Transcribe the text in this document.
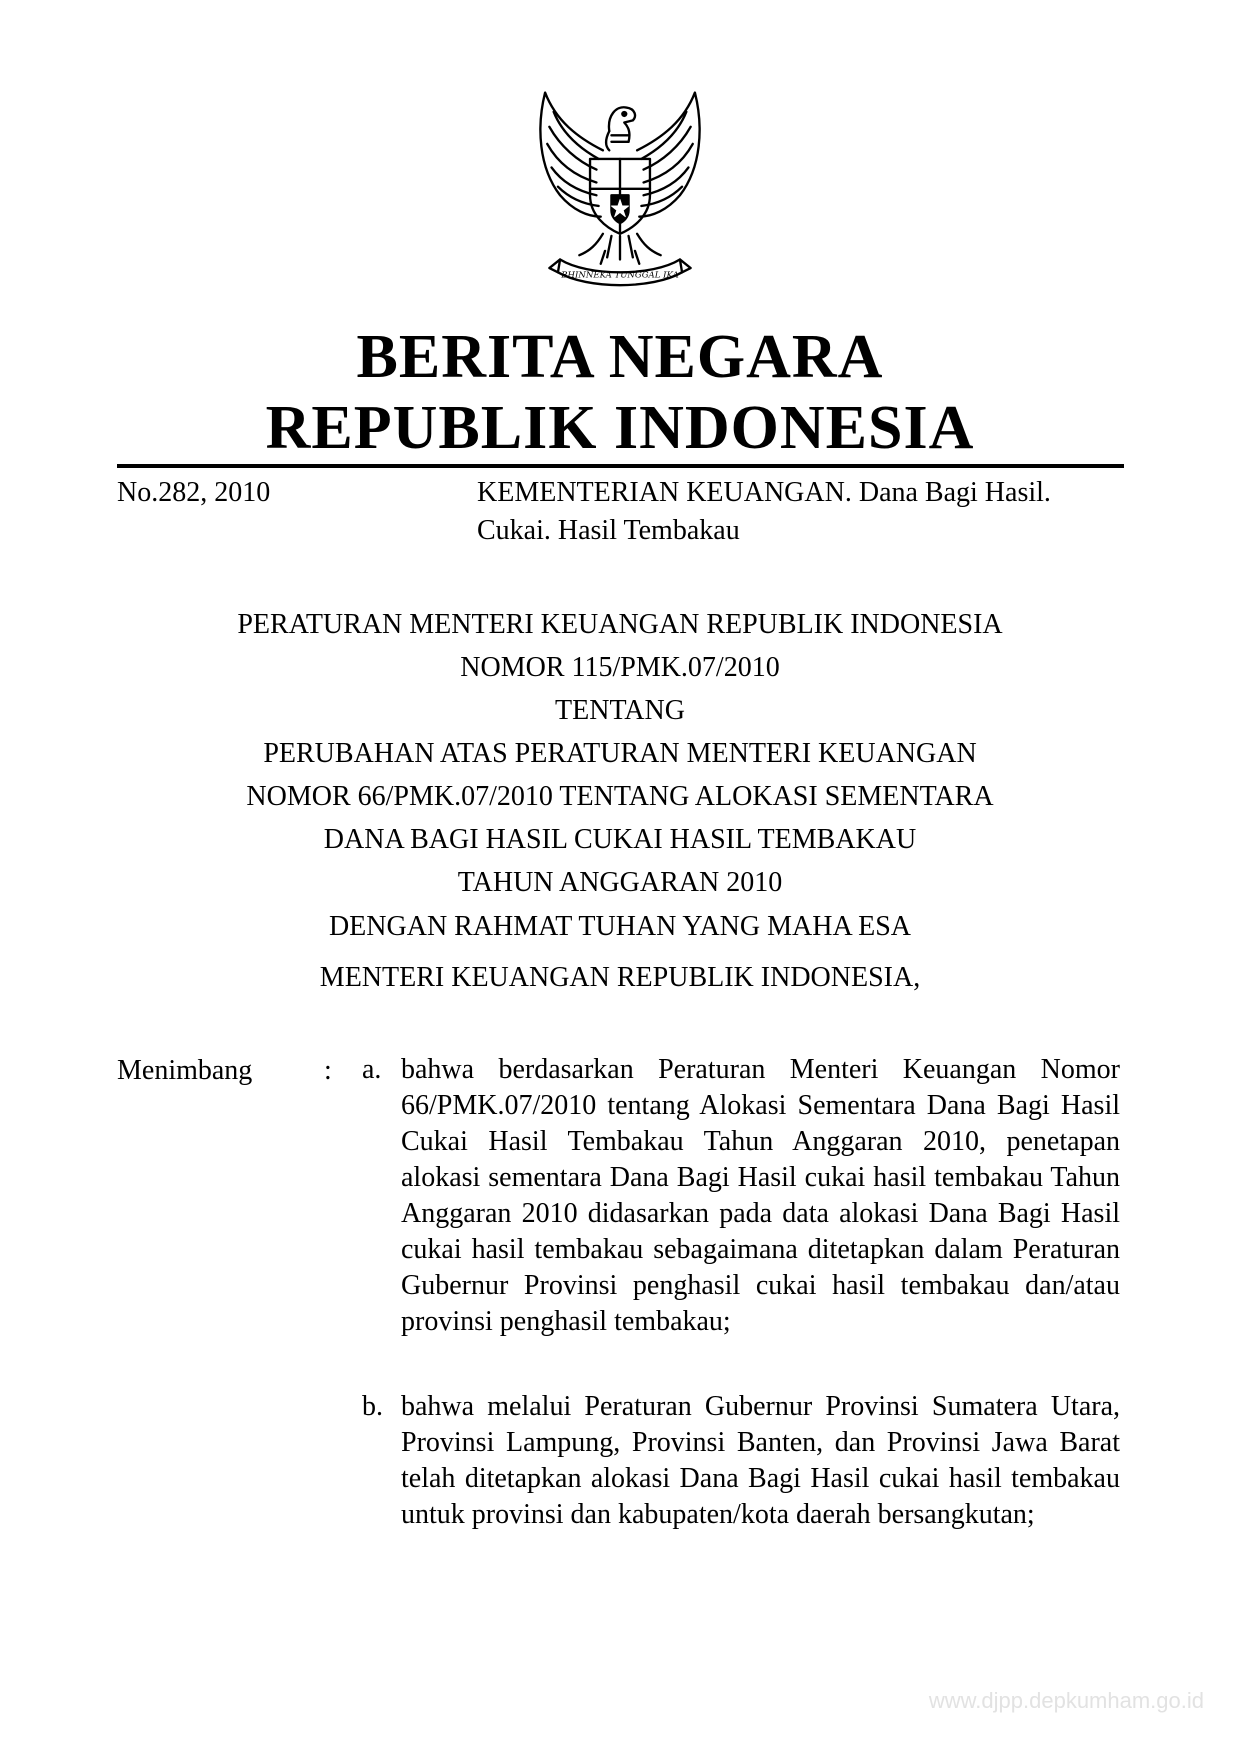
BHINNEKA TUNGGAL IKA
BERITA NEGARA
REPUBLIK INDONESIA
No.282, 2010	KEMENTERIAN KEUANGAN. Dana Bagi Hasil.
Cukai. Hasil Tembakau
PERATURAN MENTERI KEUANGAN REPUBLIK INDONESIA
NOMOR 115/PMK.07/2010
TENTANG
PERUBAHAN ATAS PERATURAN MENTERI KEUANGAN
NOMOR 66/PMK.07/2010 TENTANG ALOKASI SEMENTARA
DANA BAGI HASIL CUKAI HASIL TEMBAKAU
TAHUN ANGGARAN 2010
DENGAN RAHMAT TUHAN YANG MAHA ESA
MENTERI KEUANGAN REPUBLIK INDONESIA,
Menimbang	: a. bahwa berdasarkan Peraturan Menteri Keuangan Nomor 66/PMK.07/2010 tentang Alokasi Sementara Dana Bagi Hasil Cukai Hasil Tembakau Tahun Anggaran 2010, penetapan alokasi sementara Dana Bagi Hasil cukai hasil tembakau Tahun Anggaran 2010 didasarkan pada data alokasi Dana Bagi Hasil cukai hasil tembakau sebagaimana ditetapkan dalam Peraturan Gubernur Provinsi penghasil cukai hasil tembakau dan/atau provinsi penghasil tembakau;
b. bahwa melalui Peraturan Gubernur Provinsi Sumatera Utara, Provinsi Lampung, Provinsi Banten, dan Provinsi Jawa Barat telah ditetapkan alokasi Dana Bagi Hasil cukai hasil tembakau untuk provinsi dan kabupaten/kota daerah bersangkutan;
www.djpp.depkumham.go.id
